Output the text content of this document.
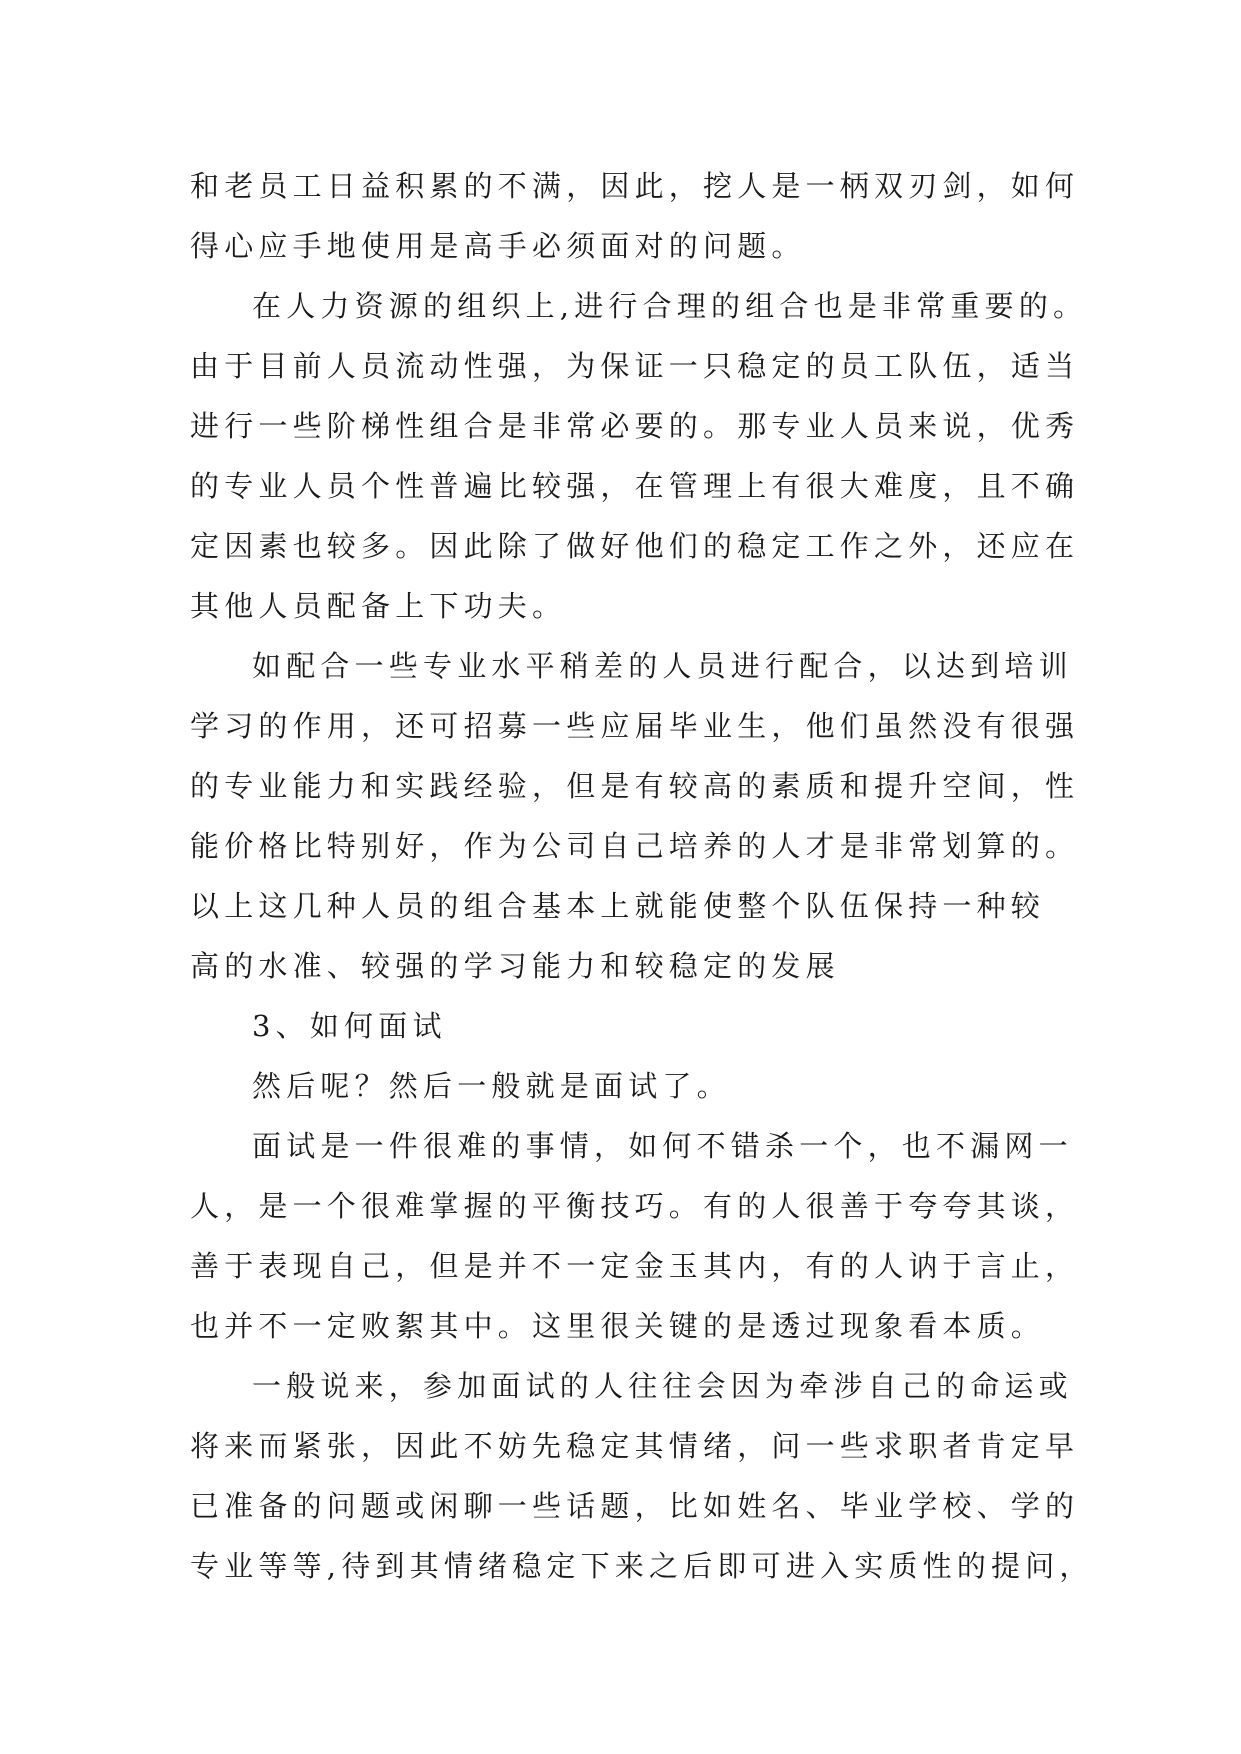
和老员工日益积累的不满，因此，挖人是一柄双刃剑，如何
得心应手地使用是高手必须面对的问题。
在人力资源的组织上,进行合理的组合也是非常重要的。
由于目前人员流动性强，为保证一只稳定的员工队伍，适当
进行一些阶梯性组合是非常必要的。那专业人员来说，优秀
的专业人员个性普遍比较强，在管理上有很大难度，且不确
定因素也较多。因此除了做好他们的稳定工作之外，还应在
其他人员配备上下功夫。
如配合一些专业水平稍差的人员进行配合，以达到培训
学习的作用，还可招募一些应届毕业生，他们虽然没有很强
的专业能力和实践经验，但是有较高的素质和提升空间，性
能价格比特别好，作为公司自己培养的人才是非常划算的。
以上这几种人员的组合基本上就能使整个队伍保持一种较
高的水准、较强的学习能力和较稳定的发展
3、如何面试
然后呢？然后一般就是面试了。
面试是一件很难的事情，如何不错杀一个，也不漏网一
人，是一个很难掌握的平衡技巧。有的人很善于夸夸其谈，
善于表现自己，但是并不一定金玉其内，有的人讷于言止，
也并不一定败絮其中。这里很关键的是透过现象看本质。
一般说来，参加面试的人往往会因为牵涉自己的命运或
将来而紧张，因此不妨先稳定其情绪，问一些求职者肯定早
已准备的问题或闲聊一些话题，比如姓名、毕业学校、学的
专业等等,待到其情绪稳定下来之后即可进入实质性的提问，
